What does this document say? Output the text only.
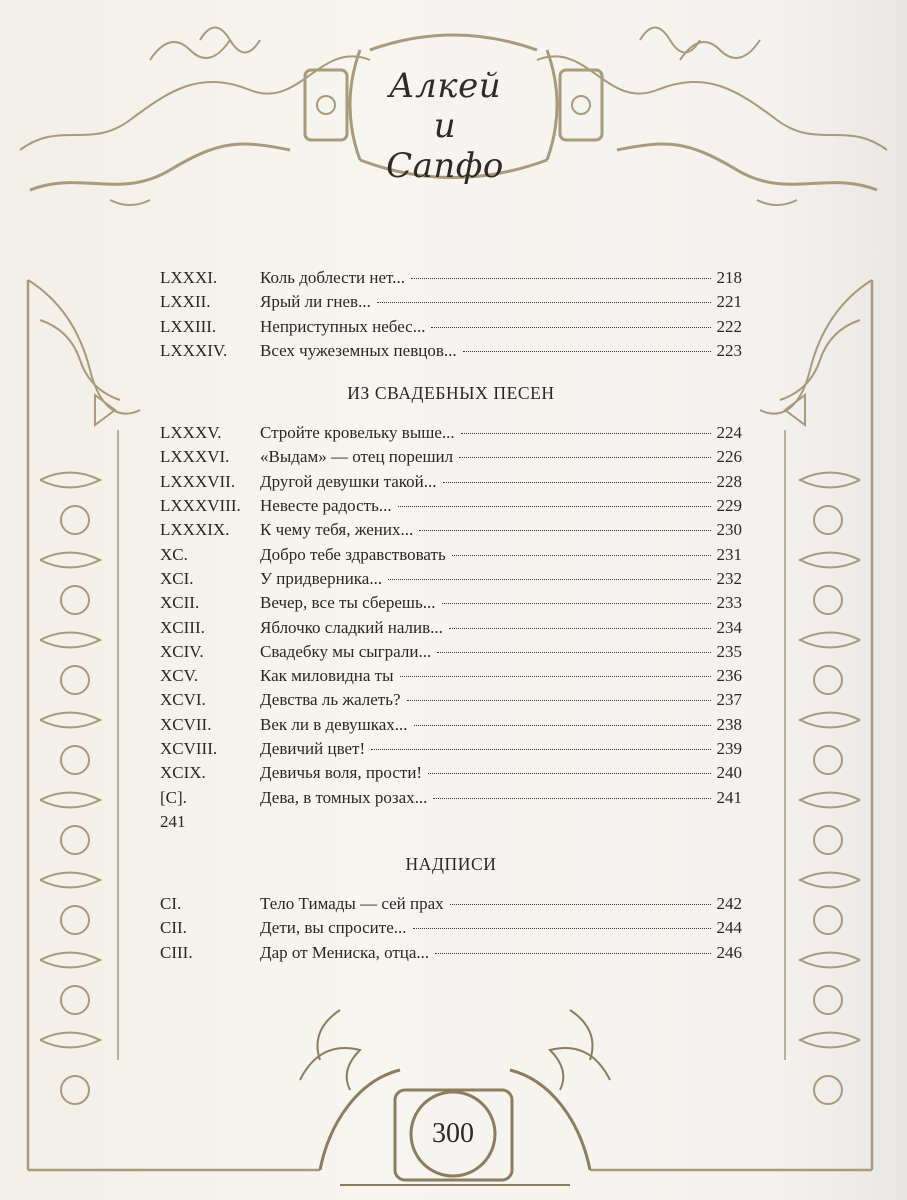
Алкей
и Сапфо
LXXXI.	Коль доблести нет...	218
LXXII.	Ярый ли гнев...	221
LXXIII.	Неприступных небес...	222
LXXXIV.	Всех чужеземных певцов...	223
ИЗ СВАДЕБНЫХ ПЕСЕН
LXXXV.	Стройте кровельку выше...	224
LXXXVI.	«Выдам» — отец порешил	226
LXXXVII.	Другой девушки такой...	228
LXXXVIII.	Невесте радость...	229
LXXXIX.	К чему тебя, жених...	230
XC.	Добро тебе здравствовать	231
XCI.	У придверника...	232
XCII.	Вечер, все ты сберешь...	233
XCIII.	Яблочко сладкий налив...	234
XCIV.	Свадебку мы сыграли...	235
XCV.	Как миловидна ты	236
XCVI.	Девства ль жалеть?	237
XCVII.	Век ли в девушках...	238
XCVIII.	Девичий цвет!	239
XCIX.	Девичья воля, прости!	240
[C].	Дева, в томных розах...	241
241
НАДПИСИ
CI.	Тело Тимады — сей прах	242
CII.	Дети, вы спросите...	244
CIII.	Дар от Мениска, отца...	246
300
